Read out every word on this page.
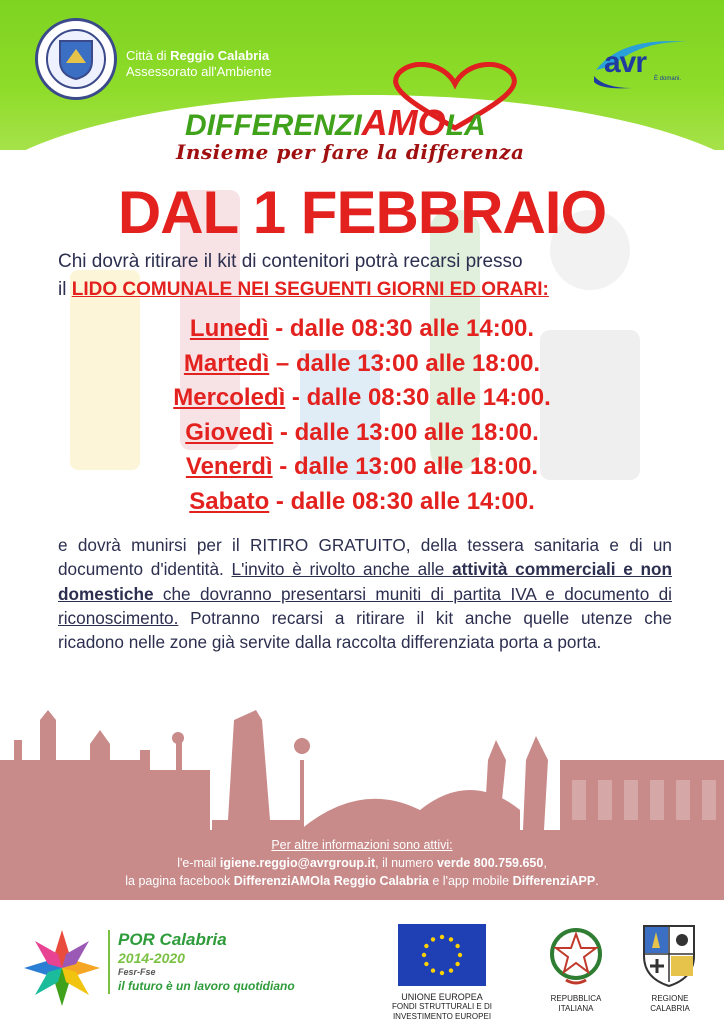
Città di Reggio Calabria
Assessorato all'Ambiente	avr È domani.
DIFFERENZIAMOLA
Insieme per fare la differenza
DAL 1 FEBBRAIO
Chi dovrà ritirare il kit di contenitori potrà recarsi presso
il LIDO COMUNALE NEI SEGUENTI GIORNI ED ORARI:
Lunedì - dalle 08:30 alle 14:00.
Martedì – dalle 13:00 alle 18:00.
Mercoledì - dalle 08:30 alle 14:00.
Giovedì - dalle 13:00 alle 18:00.
Venerdì - dalle 13:00 alle 18:00.
Sabato - dalle 08:30 alle 14:00.
e dovrà munirsi per il RITIRO GRATUITO, della tessera sanitaria e di un documento d'identità. L'invito è rivolto anche alle attività commerciali e non domestiche che dovranno presentarsi muniti di partita IVA e documento di riconoscimento. Potranno recarsi a ritirare il kit anche quelle utenze che ricadono nelle zone già servite dalla raccolta differenziata porta a porta.
Per altre informazioni sono attivi:
l'e-mail igiene.reggio@avrgroup.it, il numero verde 800.759.650,
la pagina facebook DifferenziAMOla Reggio Calabria e l'app mobile DifferenziAPP.
POR Calabria
2014-2020
Fesr-Fse
il futuro è un lavoro quotidiano
UNIONE EUROPEA
FONDI STRUTTURALI E DI INVESTIMENTO EUROPEI
REPUBBLICA
ITALIANA
REGIONE
CALABRIA
